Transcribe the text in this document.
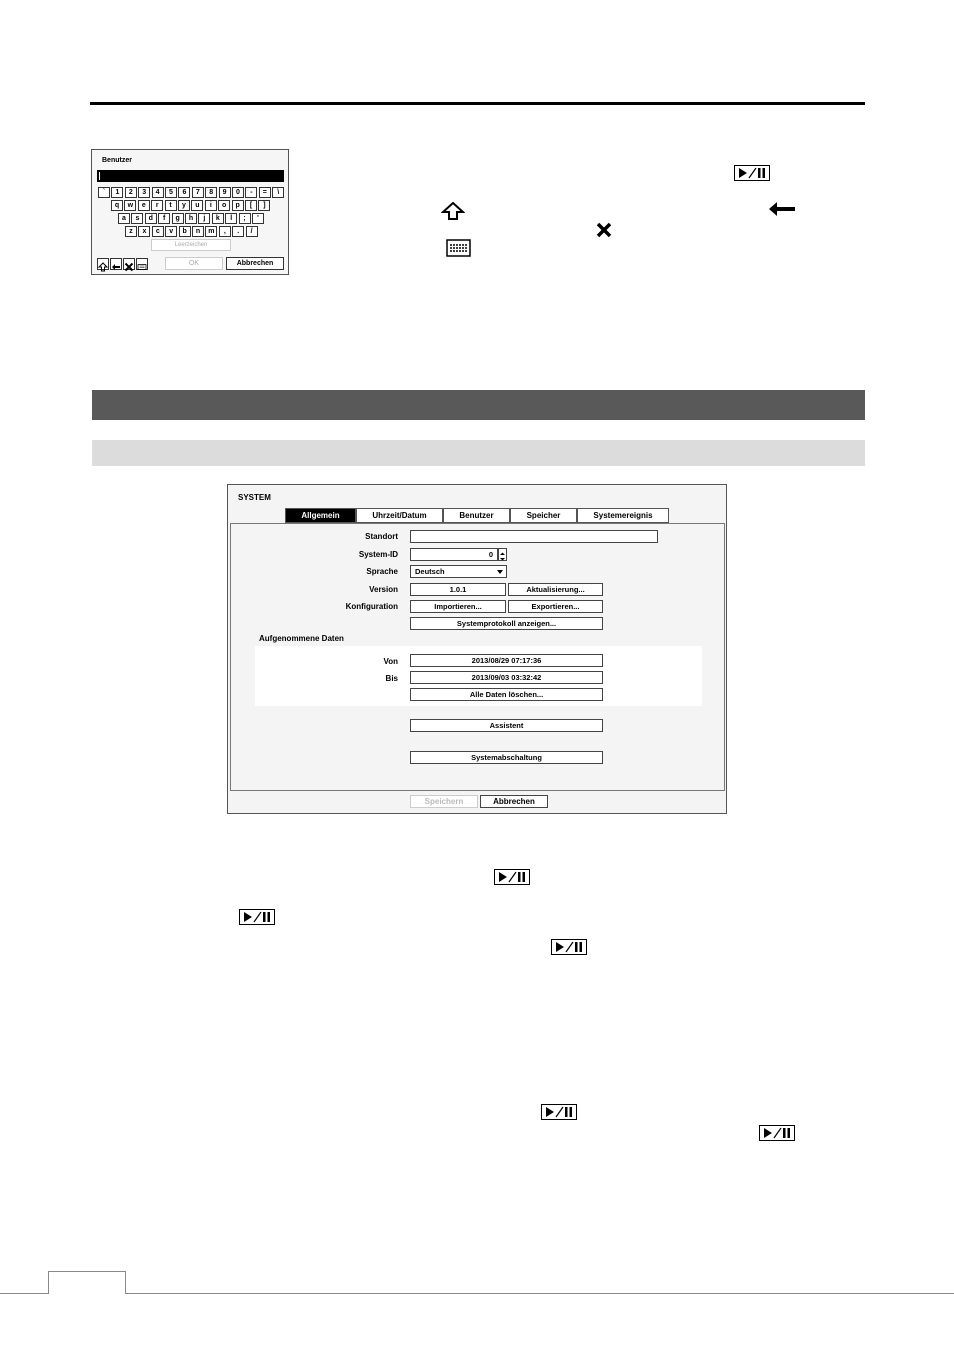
Benutzer
`	1	2	3	4	5	6	7	8	9	0	-	=	\
q	w	e	r	t	y	u	i	o	p	[	]
a	s	d	f	g	h	j	k	l	;	'
z	x	c	v	b	n	m	,	.	/
Leerzeichen
OK	Abbrechen
SYSTEM
Allgemein	Uhrzeit/Datum	Benutzer	Speicher	Systemereignis
Standort
System-ID	0
Sprache	Deutsch
Version	1.0.1	Aktualisierung...
Konfiguration	Importieren...	Exportieren...
Systemprotokoll anzeigen...
Aufgenommene Daten
Von	2013/08/29 07:17:36
Bis	2013/09/03 03:32:42
Alle Daten löschen...
Assistent
Systemabschaltung
Speichern	Abbrechen
